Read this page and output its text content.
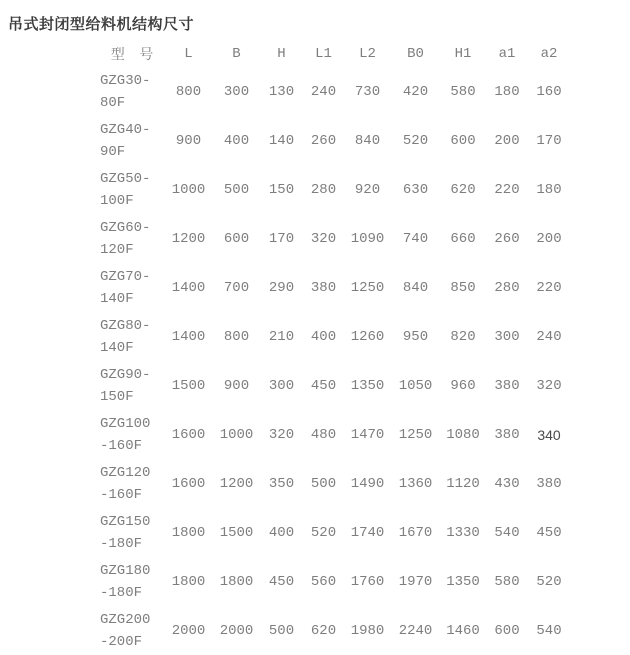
吊式封闭型给料机结构尺寸
型 号	L	B	H	L1	L2	B0	H1	a1	a2

GZG30-
80F	800	300	130	240	730	420	580	180	160

GZG40-
90F	900	400	140	260	840	520	600	200	170

GZG50-
100F	1000	500	150	280	920	630	620	220	180

GZG60-
120F	1200	600	170	320	1090	740	660	260	200

GZG70-
140F	1400	700	290	380	1250	840	850	280	220

GZG80-
140F	1400	800	210	400	1260	950	820	300	240

GZG90-
150F	1500	900	300	450	1350	1050	960	380	320

GZG100
-160F	1600	1000	320	480	1470	1250	1080	380	340

GZG120
-160F	1600	1200	350	500	1490	1360	1120	430	380

GZG150
-180F	1800	1500	400	520	1740	1670	1330	540	450

GZG180
-180F	1800	1800	450	560	1760	1970	1350	580	520

GZG200
-200F	2000	2000	500	620	1980	2240	1460	600	540
